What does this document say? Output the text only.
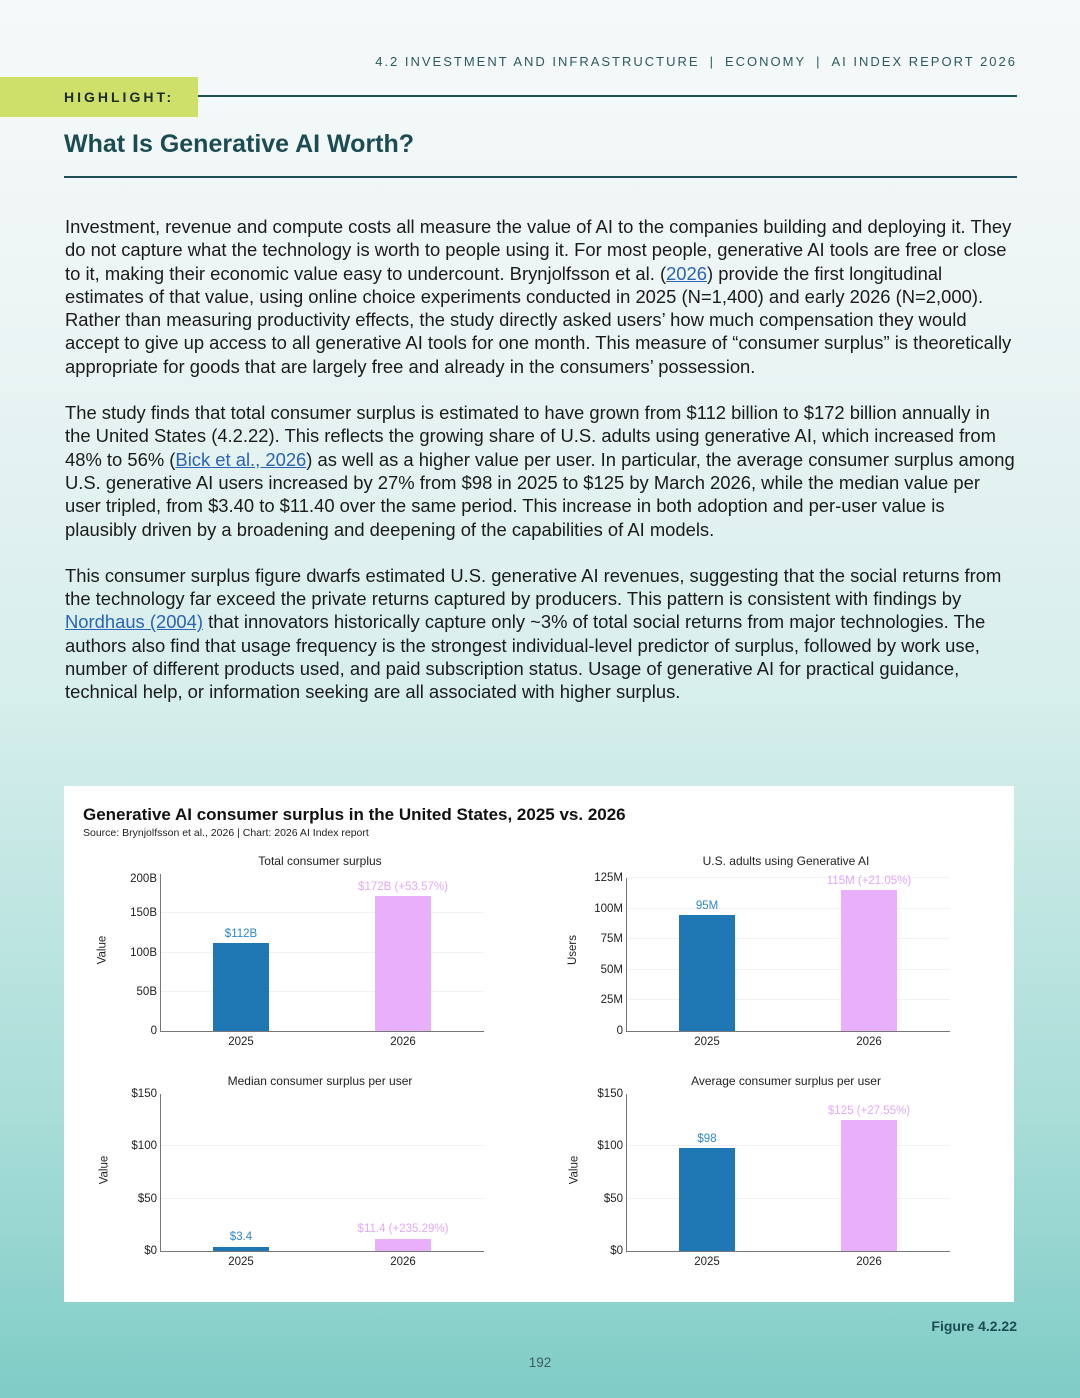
4.2 INVESTMENT AND INFRASTRUCTURE | ECONOMY | AI INDEX REPORT 2026
HIGHLIGHT:
What Is Generative AI Worth?

Investment, revenue and compute costs all measure the value of AI to the companies building and deploying it. They do not capture what the technology is worth to people using it. For most people, generative AI tools are free or close to it, making their economic value easy to undercount. Brynjolfsson et al. (2026) provide the first longitudinal estimates of that value, using online choice experiments conducted in 2025 (N=1,400) and early 2026 (N=2,000). Rather than measuring productivity effects, the study directly asked users’ how much compensation they would accept to give up access to all generative AI tools for one month. This measure of “consumer surplus” is theoretically appropriate for goods that are largely free and already in the consumers’ possession.

The study finds that total consumer surplus is estimated to have grown from $112 billion to $172 billion annually in the United States (4.2.22). This reflects the growing share of U.S. adults using generative AI, which increased from 48% to 56% (Bick et al., 2026) as well as a higher value per user. In particular, the average consumer surplus among U.S. generative AI users increased by 27% from $98 in 2025 to $125 by March 2026, while the median value per user tripled, from $3.40 to $11.40 over the same period. This increase in both adoption and per-user value is plausibly driven by a broadening and deepening of the capabilities of AI models.

This consumer surplus figure dwarfs estimated U.S. generative AI revenues, suggesting that the social returns from the technology far exceed the private returns captured by producers. This pattern is consistent with findings by Nordhaus (2004) that innovators historically capture only ~3% of total social returns from major technologies. The authors also find that usage frequency is the strongest individual-level predictor of surplus, followed by work use, number of different products used, and paid subscription status. Usage of generative AI for practical guidance, technical help, or information seeking are all associated with higher surplus.

Generative AI consumer surplus in the United States, 2025 vs. 2026
Source: Brynjolfsson et al., 2026 | Chart: 2026 AI Index report
Total consumer surplus
Value
0
50B
100B
150B
200B
$112B
$172B (+53.57%)
2025	2026
U.S. adults using Generative AI
Users
0
25M
50M
75M
100M
125M
95M
115M (+21.05%)
2025	2026
Median consumer surplus per user
Value
$0
$50
$100
$150
$3.4
$11.4 (+235.29%)
2025	2026
Average consumer surplus per user
Value
$0
$50
$100
$150
$98
$125 (+27.55%)
2025	2026
Figure 4.2.22
192
